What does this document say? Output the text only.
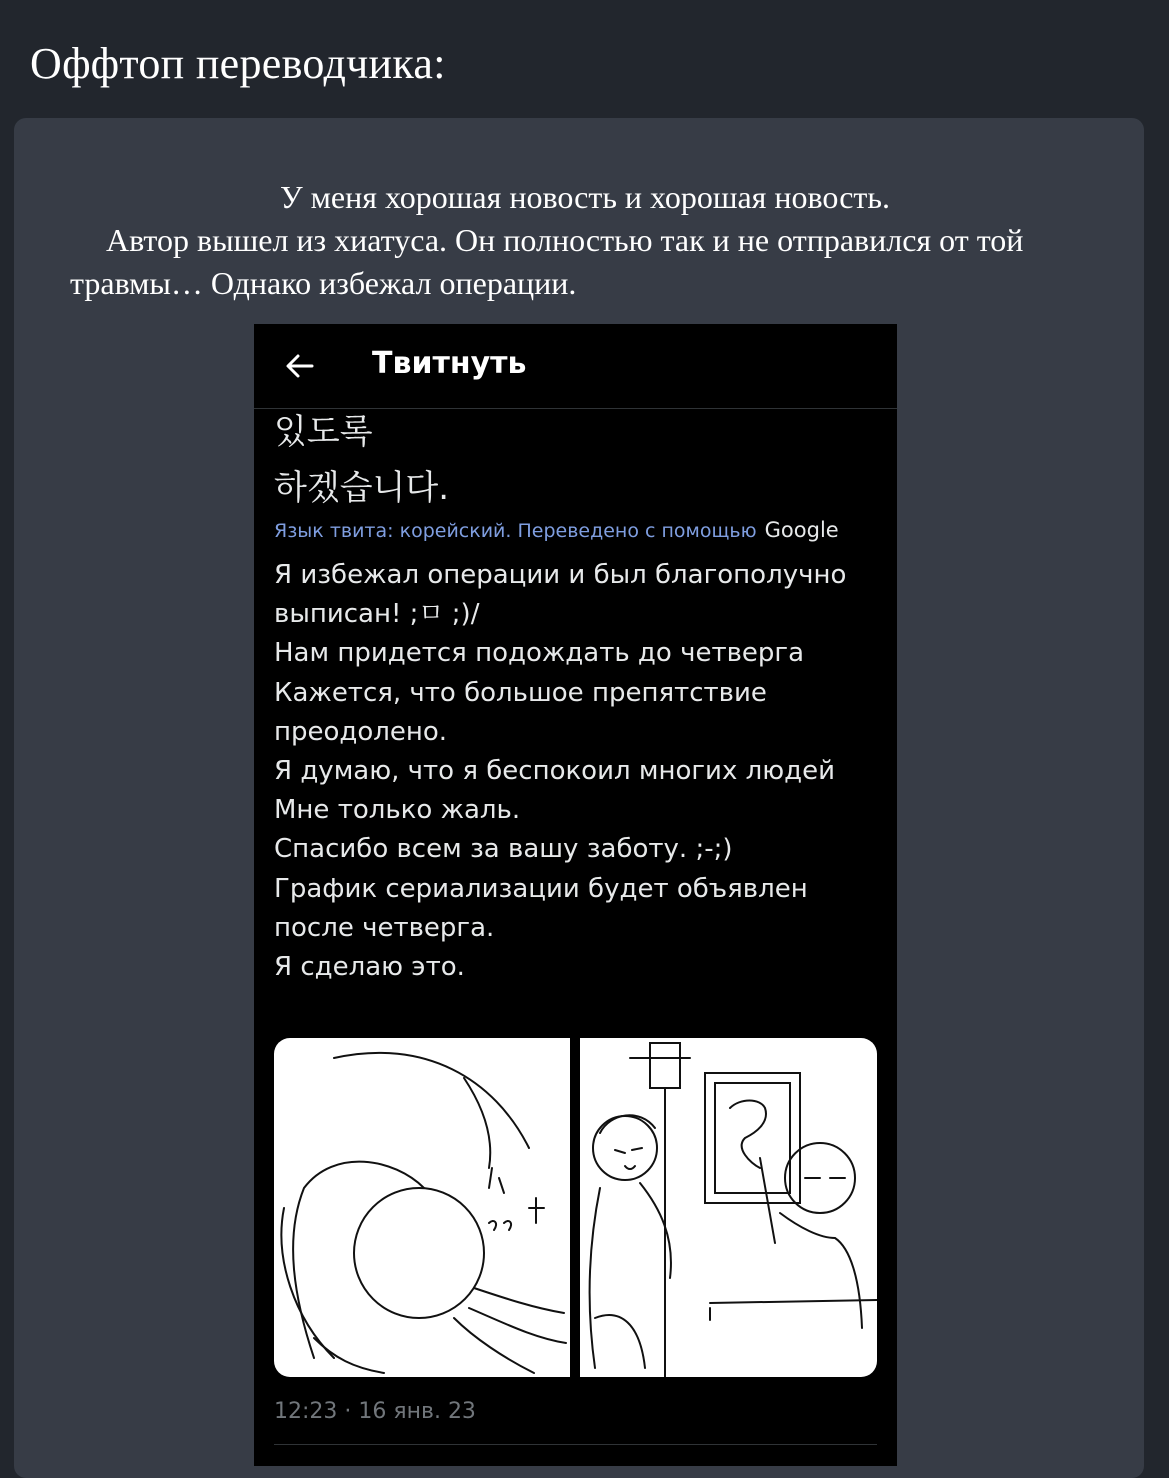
Оффтоп переводчика:
У меня хорошая новость и хорошая новость.
Автор вышел из хиатуса. Он полностью так и не отправился от той травмы… Однако избежал операции.
Твитнуть
있도록
하겠습니다.
Язык твита: корейский. Переведено с помощью Google
Я избежал операции и был благополучно
выписан! ;ㅁ ;)/
Нам придется подождать до четверга
Кажется, что большое препятствие
преодолено.
Я думаю, что я беспокоил многих людей
Мне только жаль.
Спасибо всем за вашу заботу. ;-;)
График сериализации будет объявлен
после четверга.
Я сделаю это.
12:23 · 16 янв. 23
